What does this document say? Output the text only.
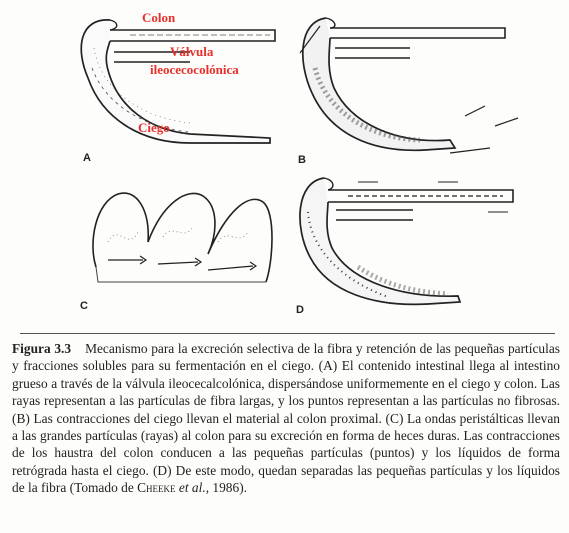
Colon
Válvula
ileocecocolónica
Ciego
A	B
C	D
Figura 3.3 Mecanismo para la excreción selectiva de la fibra y retención de las pequeñas partículas y fracciones solubles para su fermentación en el ciego. (A) El contenido intestinal llega al intestino grueso a través de la válvula ileocecalcolónica, dispersándose uniformemente en el ciego y colon. Las rayas representan a las partículas de fibra largas, y los puntos representan a las partículas no fibrosas. (B) Las contracciones del ciego llevan el material al colon proximal. (C) La ondas peristálticas llevan a las grandes partículas (rayas) al colon para su excreción en forma de heces duras. Las contracciones de los haustra del colon conducen a las pequeñas partículas (puntos) y los líquidos de forma retrógrada hasta el ciego. (D) De este modo, quedan separadas las pequeñas partículas y los líquidos de la fibra (Tomado de Cheeke et al., 1986).
